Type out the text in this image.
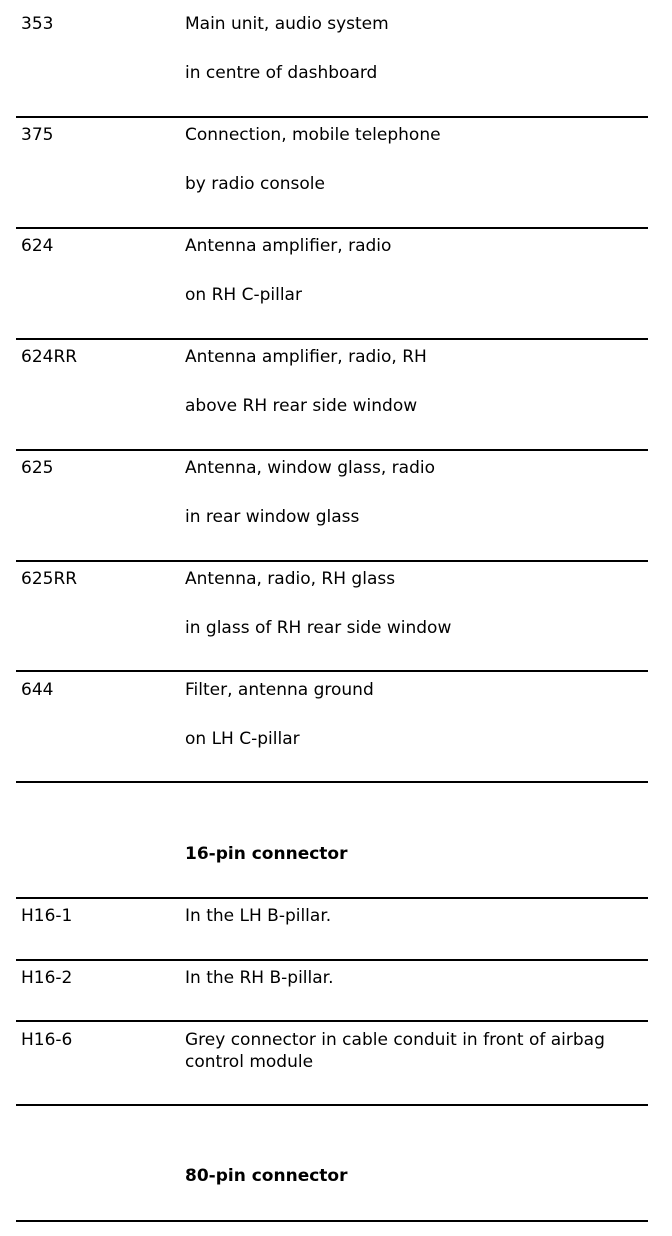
353	Main unit, audio system
in centre of dashboard
375	Connection, mobile telephone
by radio console
624	Antenna amplifier, radio
on RH C-pillar
624RR	Antenna amplifier, radio, RH
above RH rear side window
625	Antenna, window glass, radio
in rear window glass
625RR	Antenna, radio, RH glass
in glass of RH rear side window
644	Filter, antenna ground
on LH C-pillar
16-pin connector
H16-1	In the LH B-pillar.
H16-2	In the RH B-pillar.
H16-6	Grey connector in cable conduit in front of airbag control module
80-pin connector
